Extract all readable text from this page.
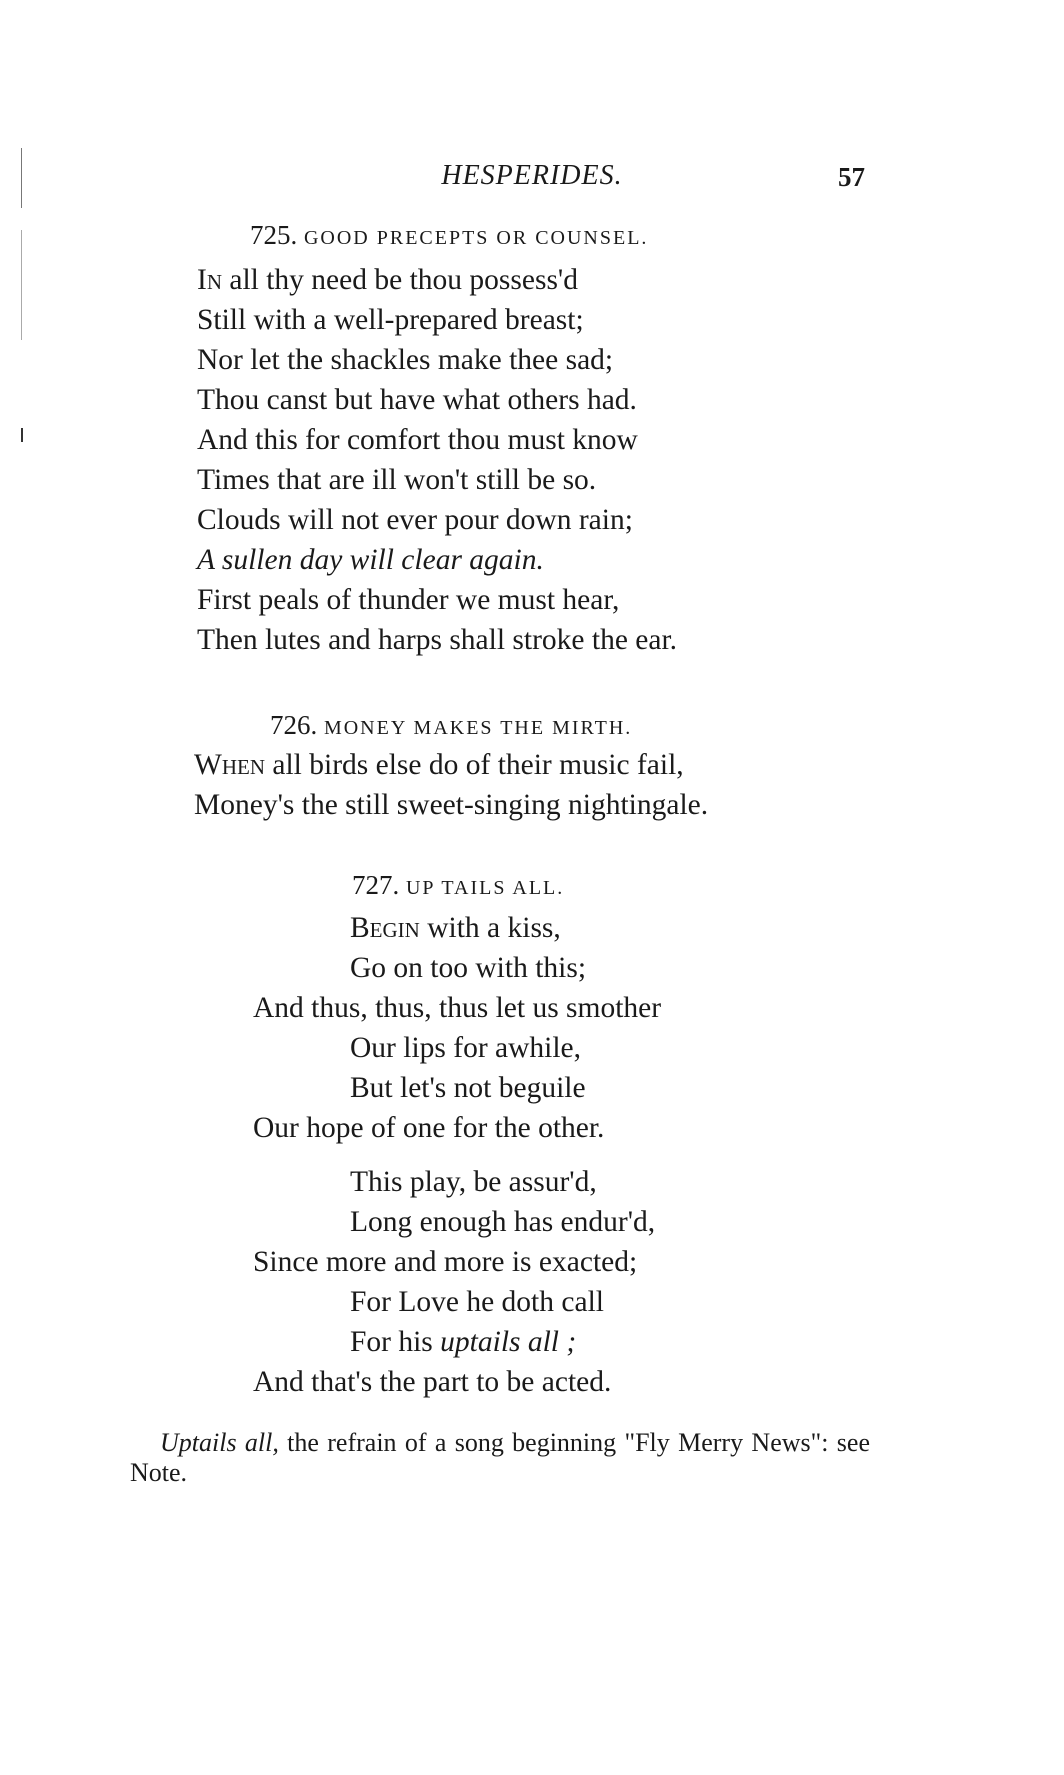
HESPERIDES.	57
725. GOOD PRECEPTS OR COUNSEL.
In all thy need be thou possess'd
Still with a well-prepared breast;
Nor let the shackles make thee sad;
Thou canst but have what others had.
And this for comfort thou must know
Times that are ill won't still be so.
Clouds will not ever pour down rain;
A sullen day will clear again.
First peals of thunder we must hear,
Then lutes and harps shall stroke the ear.
726. MONEY MAKES THE MIRTH.
When all birds else do of their music fail,
Money's the still sweet-singing nightingale.
727. UP TAILS ALL.
Begin with a kiss,
Go on too with this;
And thus, thus, thus let us smother
Our lips for awhile,
But let's not beguile
Our hope of one for the other.
This play, be assur'd,
Long enough has endur'd,
Since more and more is exacted;
For Love he doth call
For his uptails all ;
And that's the part to be acted.
Uptails all, the refrain of a song beginning "Fly Merry News": see Note.
